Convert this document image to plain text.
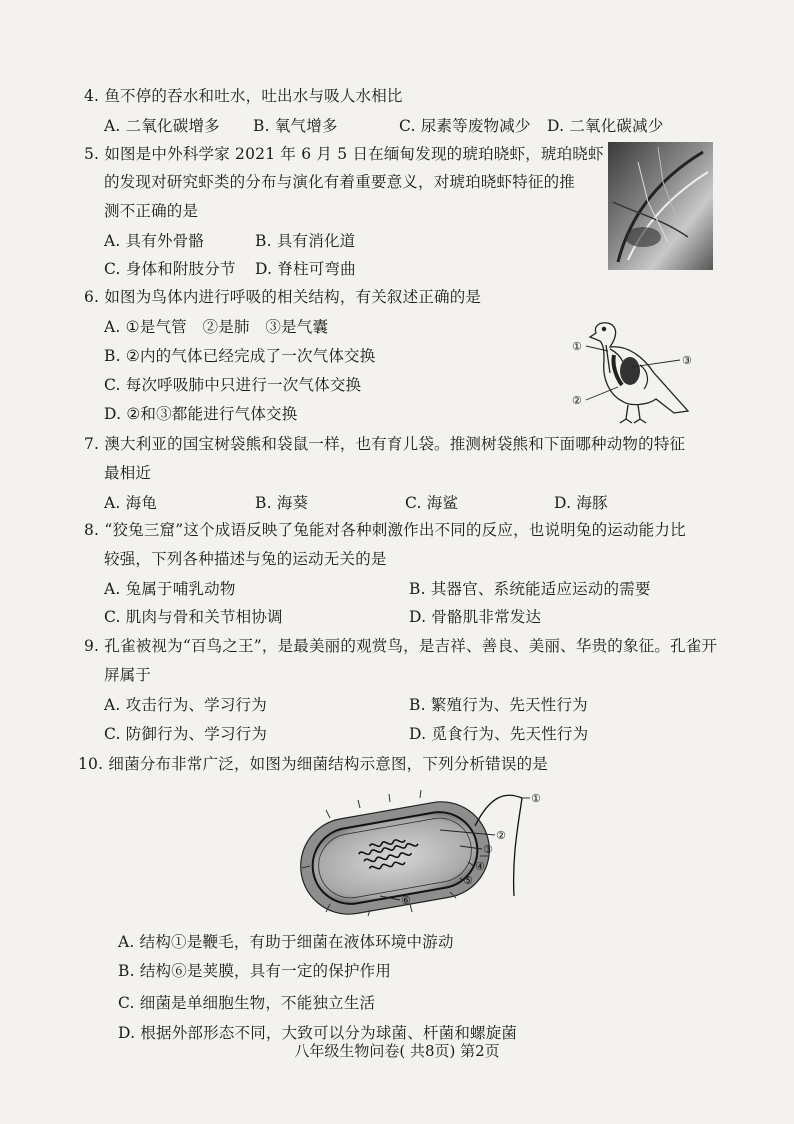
4. 鱼不停的吞水和吐水，吐出水与吸人水相比
A. 二氧化碳增多 B. 氧气增多	C. 尿素等废物减少 D. 二氧化碳减少
5. 如图是中外科学家 2021 年 6 月 5 日在缅甸发现的琥珀晓虾，琥珀晓虾
的发现对研究虾类的分布与演化有着重要意义，对琥珀晓虾特征的推
测不正确的是
A. 具有外骨骼	B. 具有消化道
C. 身体和附肢分节 D. 脊柱可弯曲
6. 如图为鸟体内进行呼吸的相关结构，有关叙述正确的是
A. ①是气管　②是肺　③是气囊
B. ②内的气体已经完成了一次气体交换
C. 每次呼吸肺中只进行一次气体交换
D. ②和③都能进行气体交换
①
②
③
7. 澳大利亚的国宝树袋熊和袋鼠一样，也有育儿袋。推测树袋熊和下面哪种动物的特征
最相近
A. 海龟	B. 海葵	C. 海鲨	D. 海豚
8. “狡兔三窟”这个成语反映了兔能对各种刺激作出不同的反应，也说明兔的运动能力比
较强，下列各种描述与兔的运动无关的是
A. 兔属于哺乳动物	B. 其器官、系统能适应运动的需要
C. 肌肉与骨和关节相协调	D. 骨骼肌非常发达
9. 孔雀被视为“百鸟之王”，是最美丽的观赏鸟，是吉祥、善良、美丽、华贵的象征。孔雀开
屏属于
A. 攻击行为、学习行为	B. 繁殖行为、先天性行为
C. 防御行为、学习行为	D. 觅食行为、先天性行为
10. 细菌分布非常广泛，如图为细菌结构示意图，下列分析错误的是
①
②
③
④
⑤
⑥
A. 结构①是鞭毛，有助于细菌在液体环境中游动
B. 结构⑥是荚膜，具有一定的保护作用
C. 细菌是单细胞生物，不能独立生活
D. 根据外部形态不同，大致可以分为球菌、杆菌和螺旋菌
八年级生物问卷( 共8页) 第2页
